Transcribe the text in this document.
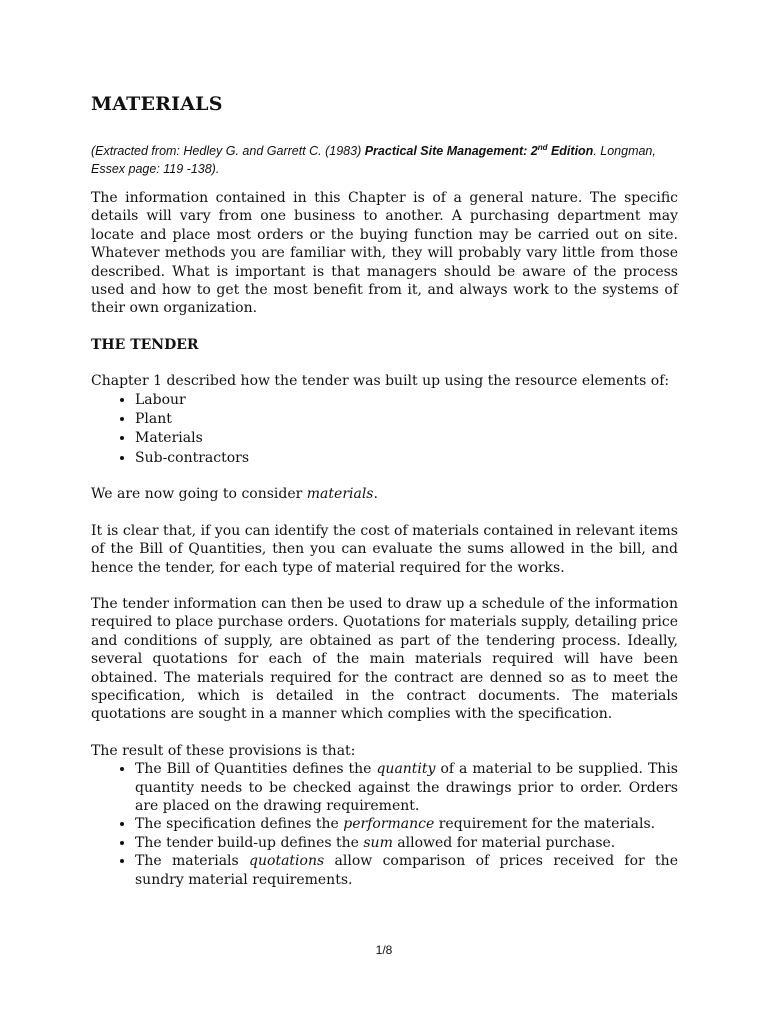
MATERIALS

(Extracted from: Hedley G. and Garrett C. (1983) Practical Site Management: 2nd Edition. Longman, Essex page: 119 -138).

The information contained in this Chapter is of a general nature. The specific details will vary from one business to another. A purchasing department may locate and place most orders or the buying function may be carried out on site. Whatever methods you are familiar with, they will probably vary little from those described. What is important is that managers should be aware of the process used and how to get the most benefit from it, and always work to the systems of their own organization.

THE TENDER

Chapter 1 described how the tender was built up using the resource elements of:

• Labour
• Plant
• Materials
• Sub-contractors

We are now going to consider materials.

It is clear that, if you can identify the cost of materials contained in relevant items of the Bill of Quantities, then you can evaluate the sums allowed in the bill, and hence the tender, for each type of material required for the works.

The tender information can then be used to draw up a schedule of the information required to place purchase orders. Quotations for materials supply, detailing price and conditions of supply, are obtained as part of the tendering process. Ideally, several quotations for each of the main materials required will have been obtained. The materials required for the contract are denned so as to meet the specification, which is detailed in the contract documents. The materials quotations are sought in a manner which complies with the specification.

The result of these provisions is that:

• The Bill of Quantities defines the quantity of a material to be supplied. This quantity needs to be checked against the drawings prior to order. Orders are placed on the drawing requirement.
• The specification defines the performance requirement for the materials.
• The tender build-up defines the sum allowed for material purchase.
• The materials quotations allow comparison of prices received for the sundry material requirements.
1/8
